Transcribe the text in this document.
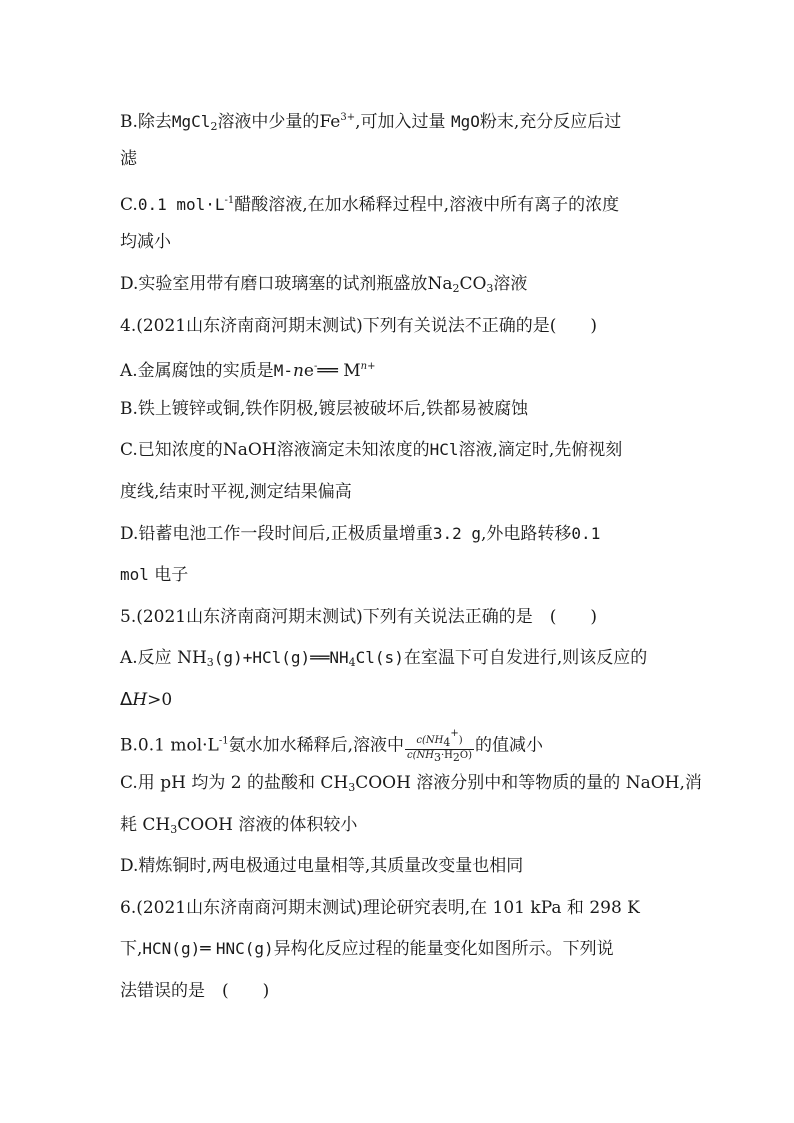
B.除去MgCl$_2$溶液中少量的$Fe^{3+}$,可加入过量 MgO粉末,充分反应后过
滤
C.0.1 $mol\cdot L^{-1}$醋酸溶液,在加水稀释过程中,溶液中所有离子的浓度
均减小
D.实验室用带有磨口玻璃塞的试剂瓶盛放$Na_2CO_3$溶液
4.(2021山东济南商河期末测试)下列有关说法不正确的是(　　)
A.金属腐蚀的实质是M-ne-══ $M^{n+}$
B.铁上镀锌或铜,铁作阴极,镀层被破坏后,铁都易被腐蚀
C.已知浓度的NaOH溶液滴定未知浓度的HCl溶液,滴定时,先俯视刻
度线,结束时平视,测定结果偏高
D.铅蓄电池工作一段时间后,正极质量增重3.2 g,外电路转移0.1
mol 电子
5.(2021山东济南商河期末测试)下列有关说法正确的是　(　　)
A.反应 $NH_3(g)+HCl(g)══NH_4Cl(s)$在室温下可自发进行,则该反应的
ΔH>0
B.0.1 $mol\cdot L^{-1}$氨水加水稀释后,溶液中 $\frac{c(NH4+)}{c(NH3\cdot H2O)}$ 的值减小
C.用 pH 均为 2 的盐酸和 $CH_3COOH$ 溶液分别中和等物质的量的 NaOH,消
耗 $CH_3COOH$ 溶液的体积较小
D.精炼铜时,两电极通过电量相等,其质量改变量也相同
6.(2021山东济南商河期末测试)理论研究表明,在 101 kPa 和 298 K
下,HCN(g)═ HNC(g)异构化反应过程的能量变化如图所示。下列说
法错误的是　(　　)
